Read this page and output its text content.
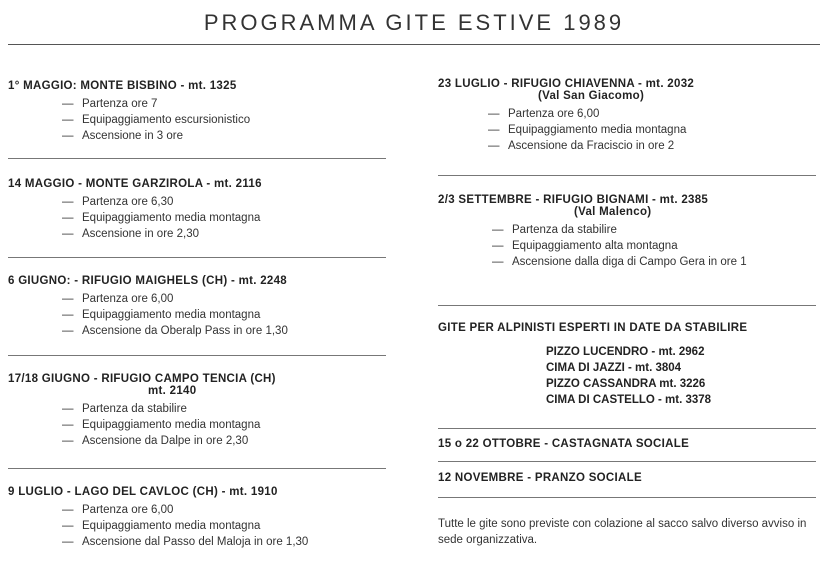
PROGRAMMA GITE ESTIVE 1989
1° MAGGIO: MONTE BISBINO - mt. 1325
— Partenza ore 7
— Equipaggiamento escursionistico
— Ascensione in 3 ore
14 MAGGIO - MONTE GARZIROLA - mt. 2116
— Partenza ore 6,30
— Equipaggiamento media montagna
— Ascensione in ore 2,30
6 GIUGNO: - RIFUGIO MAIGHELS (CH) - mt. 2248
— Partenza ore 6,00
— Equipaggiamento media montagna
— Ascensione da Oberalp Pass in ore 1,30
17/18 GIUGNO - RIFUGIO CAMPO TENCIA (CH)
mt. 2140
— Partenza da stabilire
— Equipaggiamento media montagna
— Ascensione da Dalpe in ore 2,30
9 LUGLIO - LAGO DEL CAVLOC (CH) - mt. 1910
— Partenza ore 6,00
— Equipaggiamento media montagna
— Ascensione dal Passo del Maloja in ore 1,30
23 LUGLIO - RIFUGIO CHIAVENNA - mt. 2032
(Val San Giacomo)
— Partenza ore 6,00
— Equipaggiamento media montagna
— Ascensione da Fraciscio in ore 2
2/3 SETTEMBRE - RIFUGIO BIGNAMI - mt. 2385
(Val Malenco)
— Partenza da stabilire
— Equipaggiamento alta montagna
— Ascensione dalla diga di Campo Gera in ore 1
GITE PER ALPINISTI ESPERTI IN DATE DA STABILIRE
PIZZO LUCENDRO - mt. 2962
CIMA DI JAZZI - mt. 3804
PIZZO CASSANDRA mt. 3226
CIMA DI CASTELLO - mt. 3378
15 o 22 OTTOBRE - CASTAGNATA SOCIALE
12 NOVEMBRE - PRANZO SOCIALE
Tutte le gite sono previste con colazione al sacco salvo diverso avviso in sede organizzativa.
